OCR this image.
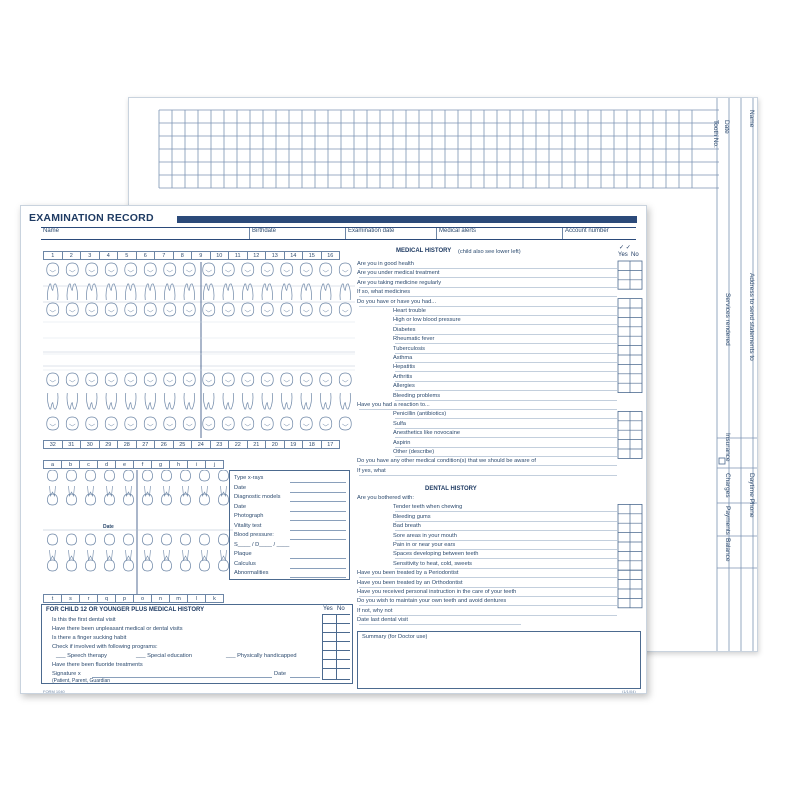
Name
Date
Tooth No.
Services rendered	Address to send statements to
Insurance
Charges
Payments
Balance
Daytime Phone
EXAMINATION RECORD
Name	Birthdate	Examination date	Medical alerts	Account number
1	2	3	4	5	6	7	8	9	10	11	12	13	14	15	16
32	31	30	29	28	27	26	25	24	23	22	21	20	19	18	17
a	b	c	d	e	f	g	h	i	j
t	s	r	q	p	o	n	m	l	k
Date
Type x-rays
Date
Diagnostic models
Date
Photograph
Vitality test
Blood pressure:
S____ / D____ / ____
Plaque
Calculus
Abnormalities
FOR CHILD 12 OR YOUNGER PLUS MEDICAL HISTORY	Yes No
Is this the first dental visit
Have there been unpleasant medical or dental visits
Is there a finger sucking habit
Check if involved with following programs:
___ Speech therapy	___ Special education	___ Physically handicapped
Have there been fluoride treatments
Signature x	Date
(Patient, Parent, Guardian
MEDICAL HISTORY (child also see lower left)
✓ ✓
Yes No
Are you in good health
Are you under medical treatment
Are you taking medicine regularly
If so, what medicines
Do you have or have you had...
Heart trouble
High or low blood pressure
Diabetes
Rheumatic fever
Tuberculosis
Asthma
Hepatitis
Arthritis
Allergies
Bleeding problems
Have you had a reaction to...
Penicillin (antibiotics)
Sulfa
Anesthetics like novocaine
Aspirin
Other (describe)
Do you have any other medical condition(s) that we should be aware of
If yes, what
Are you bothered with:
Tender teeth when chewing
Bleeding gums
Bad breath
Sore areas in your mouth
Pain in or near your ears
Spaces developing between teeth
Sensitivity to heat, cold, sweets
Have you been treated by a Periodontist
Have you been treated by an Orthodontist
Have you received personal instruction in the care of your teeth
Do you wish to maintain your own teeth and avoid dentures
If not, why not
Date last dental visit
DENTAL HISTORY
Summary (for Doctor use)
FORM 1040	(1/1/04)
